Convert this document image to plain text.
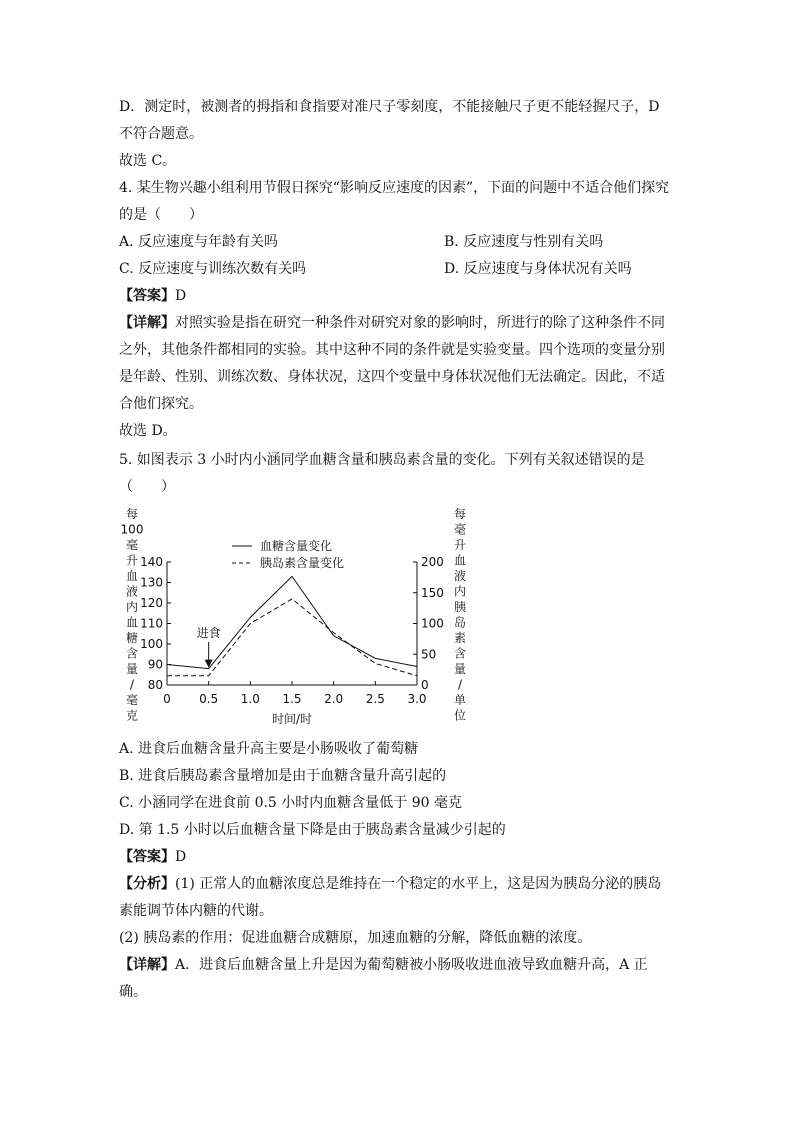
D．测定时，被测者的拇指和食指要对准尺子零刻度，不能接触尺子更不能轻握尺子，D
不符合题意。
故选 C。
4. 某生物兴趣小组利用节假日探究“影响反应速度的因素”，下面的问题中不适合他们探究
的是（　　）
A. 反应速度与年龄有关吗	B. 反应速度与性别有关吗
C. 反应速度与训练次数有关吗	D. 反应速度与身体状况有关吗
【答案】D
【详解】对照实验是指在研究一种条件对研究对象的影响时，所进行的除了这种条件不同
之外，其他条件都相同的实验。其中这种不同的条件就是实验变量。四个选项的变量分别
是年龄、性别、训练次数、身体状况，这四个变量中身体状况他们无法确定。因此，不适
合他们探究。
故选 D。
5. 如图表示 3 小时内小涵同学血糖含量和胰岛素含量的变化。下列有关叙述错误的是
（　　）
每
100
毫
升
血
液
内
血
糖
含
量
/
毫
克
每
毫
升
血
液
内
胰
岛
素
含
量
/
单
位
0 0.5 1.0 1.5 2.0 2.5 3.0
80
90
100
110
120
130
140
0
50
100
150
200
进食
血糖含量变化
胰岛素含量变化
时间/时
A. 进食后血糖含量升高主要是小肠吸收了葡萄糖
B. 进食后胰岛素含量增加是由于血糖含量升高引起的
C. 小涵同学在进食前 0.5 小时内血糖含量低于 90 毫克
D. 第 1.5 小时以后血糖含量下降是由于胰岛素含量减少引起的
【答案】D
【分析】(1) 正常人的血糖浓度总是维持在一个稳定的水平上，这是因为胰岛分泌的胰岛
素能调节体内糖的代谢。
(2) 胰岛素的作用：促进血糖合成糖原，加速血糖的分解，降低血糖的浓度。
【详解】A．进食后血糖含量上升是因为葡萄糖被小肠吸收进血液导致血糖升高，A 正
确。
